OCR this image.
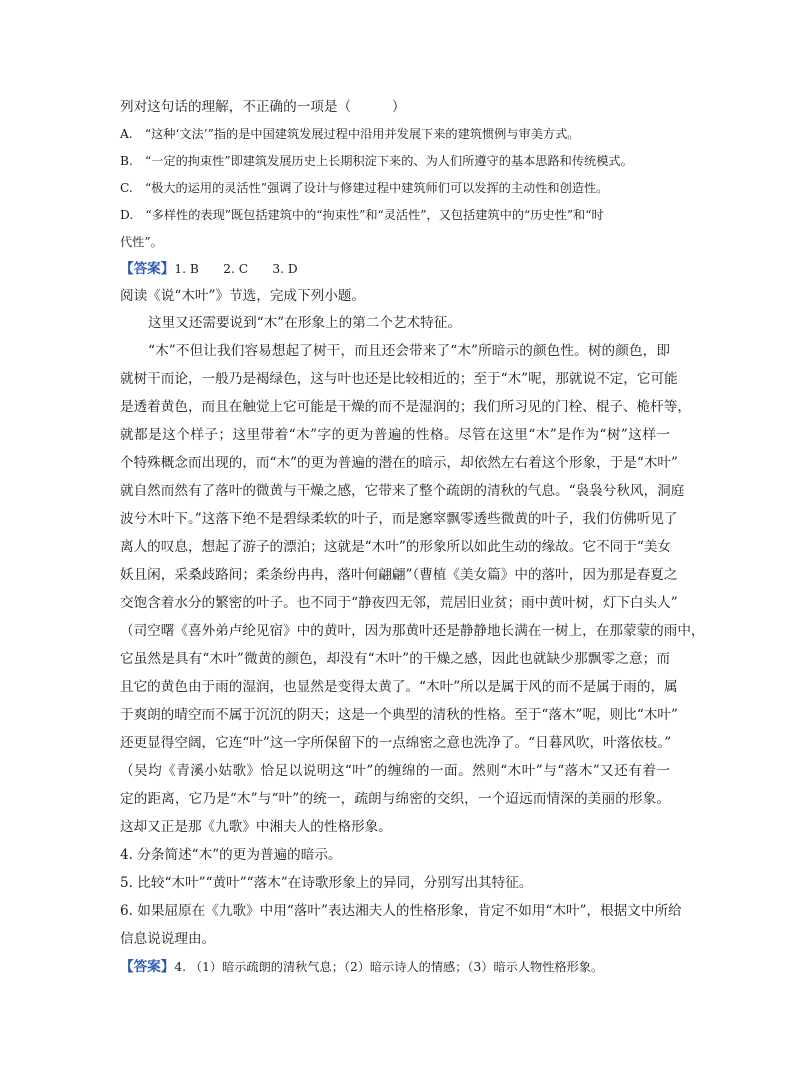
列对这句话的理解，不正确的一项是（　　　）
A.　“这种‘文法’”指的是中国建筑发展过程中沿用并发展下来的建筑惯例与审美方式。
B.　“一定的拘束性”即建筑发展历史上长期积淀下来的、为人们所遵守的基本思路和传统模式。
C.　“极大的运用的灵活性”强调了设计与修建过程中建筑师们可以发挥的主动性和创造性。
D.　“多样性的表现”既包括建筑中的“拘束性”和“灵活性”，又包括建筑中的“历史性”和“时
代性”。
【答案】1. B　　2. C　　3. D
阅读《说“木叶”》节选，完成下列小题。
这里又还需要说到“木”在形象上的第二个艺术特征。
“木”不但让我们容易想起了树干，而且还会带来了“木”所暗示的颜色性。树的颜色，即
就树干而论，一般乃是褐绿色，这与叶也还是比较相近的；至于“木”呢，那就说不定，它可能
是透着黄色，而且在触觉上它可能是干燥的而不是湿润的；我们所习见的门栓、棍子、桅杆等，
就都是这个样子；这里带着“木”字的更为普遍的性格。尽管在这里“木”是作为“树”这样一
个特殊概念而出现的，而“木”的更为普遍的潜在的暗示，却依然左右着这个形象，于是“木叶”
就自然而然有了落叶的微黄与干燥之感，它带来了整个疏朗的清秋的气息。“袅袅兮秋风，洞庭
波兮木叶下。”这落下绝不是碧绿柔软的叶子，而是窸窣飘零透些微黄的叶子，我们仿佛听见了
离人的叹息，想起了游子的漂泊；这就是“木叶”的形象所以如此生动的缘故。它不同于“美女
妖且闲，采桑歧路间；柔条纷冉冉，落叶何翩翩”（曹植《美女篇》中的落叶，因为那是春夏之
交饱含着水分的繁密的叶子。也不同于“静夜四无邻，荒居旧业贫；雨中黄叶树，灯下白头人”
（司空曙《喜外弟卢纶见宿》中的黄叶，因为那黄叶还是静静地长满在一树上，在那蒙蒙的雨中，
它虽然是具有“木叶”微黄的颜色，却没有“木叶”的干燥之感，因此也就缺少那飘零之意；而
且它的黄色由于雨的湿润，也显然是变得太黄了。“木叶”所以是属于风的而不是属于雨的，属
于爽朗的晴空而不属于沉沉的阴天；这是一个典型的清秋的性格。至于“落木”呢，则比“木叶”
还更显得空阔，它连“叶”这一字所保留下的一点绵密之意也洗净了。“日暮风吹，叶落依枝。”
（吴均《青溪小姑歌》恰足以说明这“叶”的缠绵的一面。然则“木叶”与“落木”又还有着一
定的距离，它乃是“木”与“叶”的统一，疏朗与绵密的交织，一个迢远而情深的美丽的形象。
这却又正是那《九歌》中湘夫人的性格形象。
4. 分条简述“木”的更为普遍的暗示。
5. 比较“木叶”“黄叶”“落木”在诗歌形象上的异同，分别写出其特征。
6. 如果屈原在《九歌》中用“落叶”表达湘夫人的性格形象，肯定不如用“木叶”，根据文中所给
信息说说理由。
【答案】4. （1）暗示疏朗的清秋气息；（2）暗示诗人的情感；（3）暗示人物性格形象。
